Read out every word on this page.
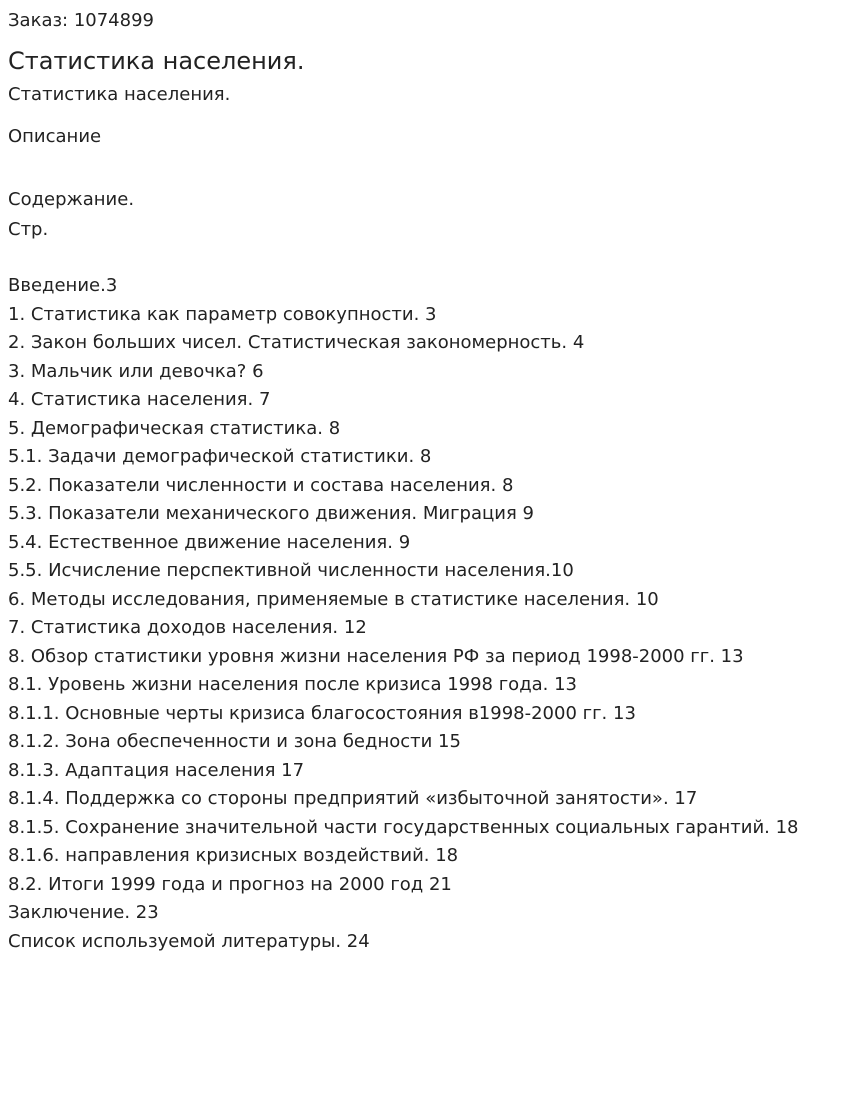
Заказ: 1074899

Статистика населения.

Статистика населения.

Описание

Содержание.

Стр.

Введение.3
1. Статистика как параметр совокупности. 3
2. Закон больших чисел. Статистическая закономерность. 4
3. Мальчик или девочка? 6
4. Статистика населения. 7
5. Демографическая статистика. 8
5.1. Задачи демографической статистики. 8
5.2. Показатели численности и состава населения. 8
5.3. Показатели механического движения. Миграция 9
5.4. Естественное движение населения. 9
5.5. Исчисление перспективной численности населения.10
6. Методы исследования, применяемые в статистике населения. 10
7. Статистика доходов населения. 12
8. Обзор статистики уровня жизни населения РФ за период 1998-2000 гг. 13
8.1. Уровень жизни населения после кризиса 1998 года. 13
8.1.1. Основные черты кризиса благосостояния в1998-2000 гг. 13
8.1.2. Зона обеспеченности и зона бедности 15
8.1.3. Адаптация населения 17
8.1.4. Поддержка со стороны предприятий «избыточной занятости». 17
8.1.5. Сохранение значительной части государственных социальных гарантий. 18
8.1.6. направления кризисных воздействий. 18
8.2. Итоги 1999 года и прогноз на 2000 год 21
Заключение. 23
Список используемой литературы. 24
